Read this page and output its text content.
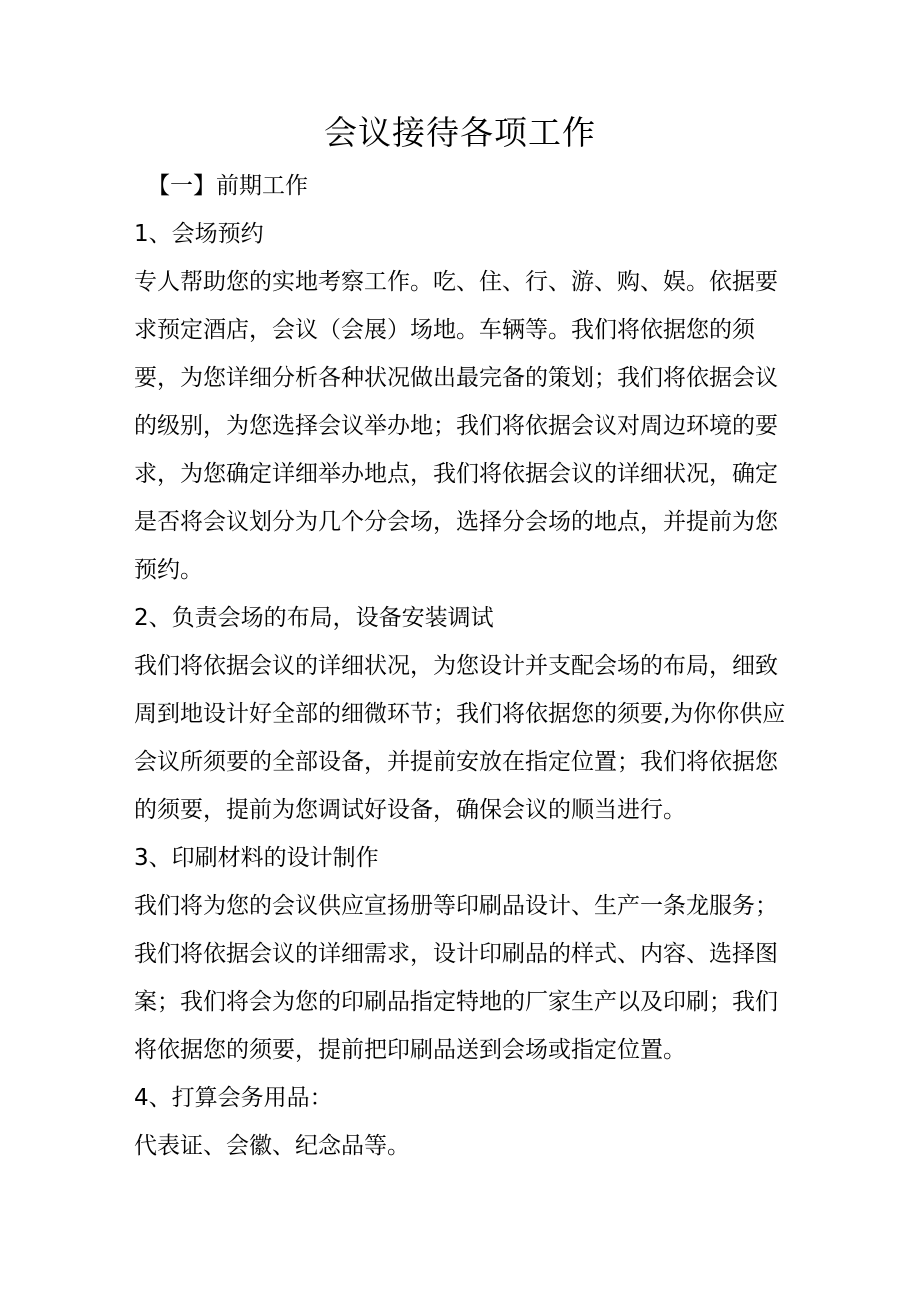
会议接待各项工作

【一】前期工作

1、会场预约

专人帮助您的实地考察工作。吃、住、行、游、购、娱。依据要求预定酒店，会议（会展）场地。车辆等。我们将依据您的须要，为您详细分析各种状况做出最完备的策划；我们将依据会议的级别，为您选择会议举办地；我们将依据会议对周边环境的要求，为您确定详细举办地点，我们将依据会议的详细状况，确定是否将会议划分为几个分会场，选择分会场的地点，并提前为您预约。

2、负责会场的布局，设备安装调试

我们将依据会议的详细状况，为您设计并支配会场的布局，细致周到地设计好全部的细微环节；我们将依据您的须要,为你你供应会议所须要的全部设备，并提前安放在指定位置；我们将依据您的须要，提前为您调试好设备，确保会议的顺当进行。

3、印刷材料的设计制作

我们将为您的会议供应宣扬册等印刷品设计、生产一条龙服务；我们将依据会议的详细需求，设计印刷品的样式、内容、选择图案；我们将会为您的印刷品指定特地的厂家生产以及印刷；我们将依据您的须要，提前把印刷品送到会场或指定位置。

4、打算会务用品：

代表证、会徽、纪念品等。
